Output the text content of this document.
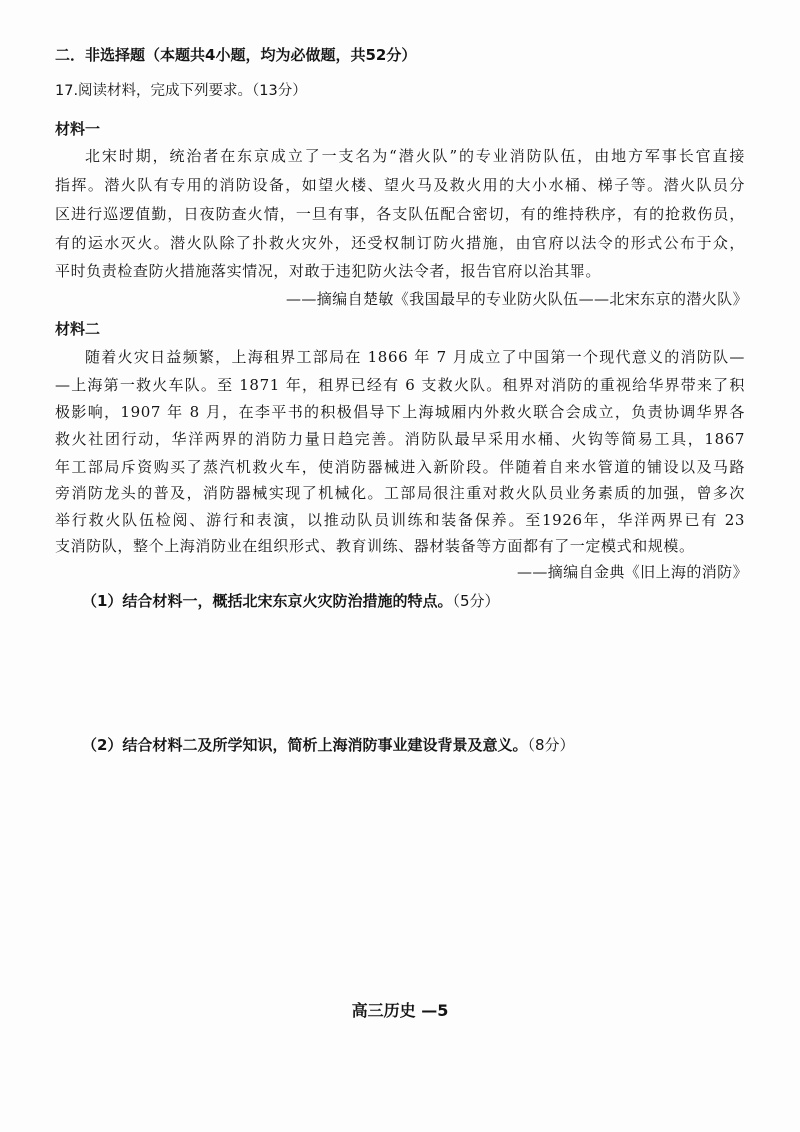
二．非选择题（本题共4小题，均为必做题，共52分）
17.阅读材料，完成下列要求。（13分）
材料一
北宋时期，统治者在东京成立了一支名为“潜火队”的专业消防队伍，由地方军事长官直接
指挥。潜火队有专用的消防设备，如望火楼、望火马及救火用的大小水桶、梯子等。潜火队员分
区进行巡逻值勤，日夜防查火情，一旦有事，各支队伍配合密切，有的维持秩序，有的抢救伤员，
有的运水灭火。潜火队除了扑救火灾外，还受权制订防火措施，由官府以法令的形式公布于众，
平时负责检查防火措施落实情况，对敢于违犯防火法令者，报告官府以治其罪。
——摘编自楚敏《我国最早的专业防火队伍——北宋东京的潜火队》
材料二
随着火灾日益频繁，上海租界工部局在 1866 年 7 月成立了中国第一个现代意义的消防队—
—上海第一救火车队。至 1871 年，租界已经有 6 支救火队。租界对消防的重视给华界带来了积
极影响，1907 年 8 月，在李平书的积极倡导下上海城厢内外救火联合会成立，负责协调华界各
救火社团行动，华洋两界的消防力量日趋完善。消防队最早采用水桶、火钩等简易工具，1867
年工部局斥资购买了蒸汽机救火车，使消防器械进入新阶段。伴随着自来水管道的铺设以及马路
旁消防龙头的普及，消防器械实现了机械化。工部局很注重对救火队员业务素质的加强，曾多次
举行救火队伍检阅、游行和表演，以推动队员训练和装备保养。至1926年，华洋两界已有 23
支消防队，整个上海消防业在组织形式、教育训练、器材装备等方面都有了一定模式和规模。
——摘编自金典《旧上海的消防》
（1）结合材料一，概括北宋东京火灾防治措施的特点。（5分）
（2）结合材料二及所学知识，简析上海消防事业建设背景及意义。（8分）
高三历史 —5
